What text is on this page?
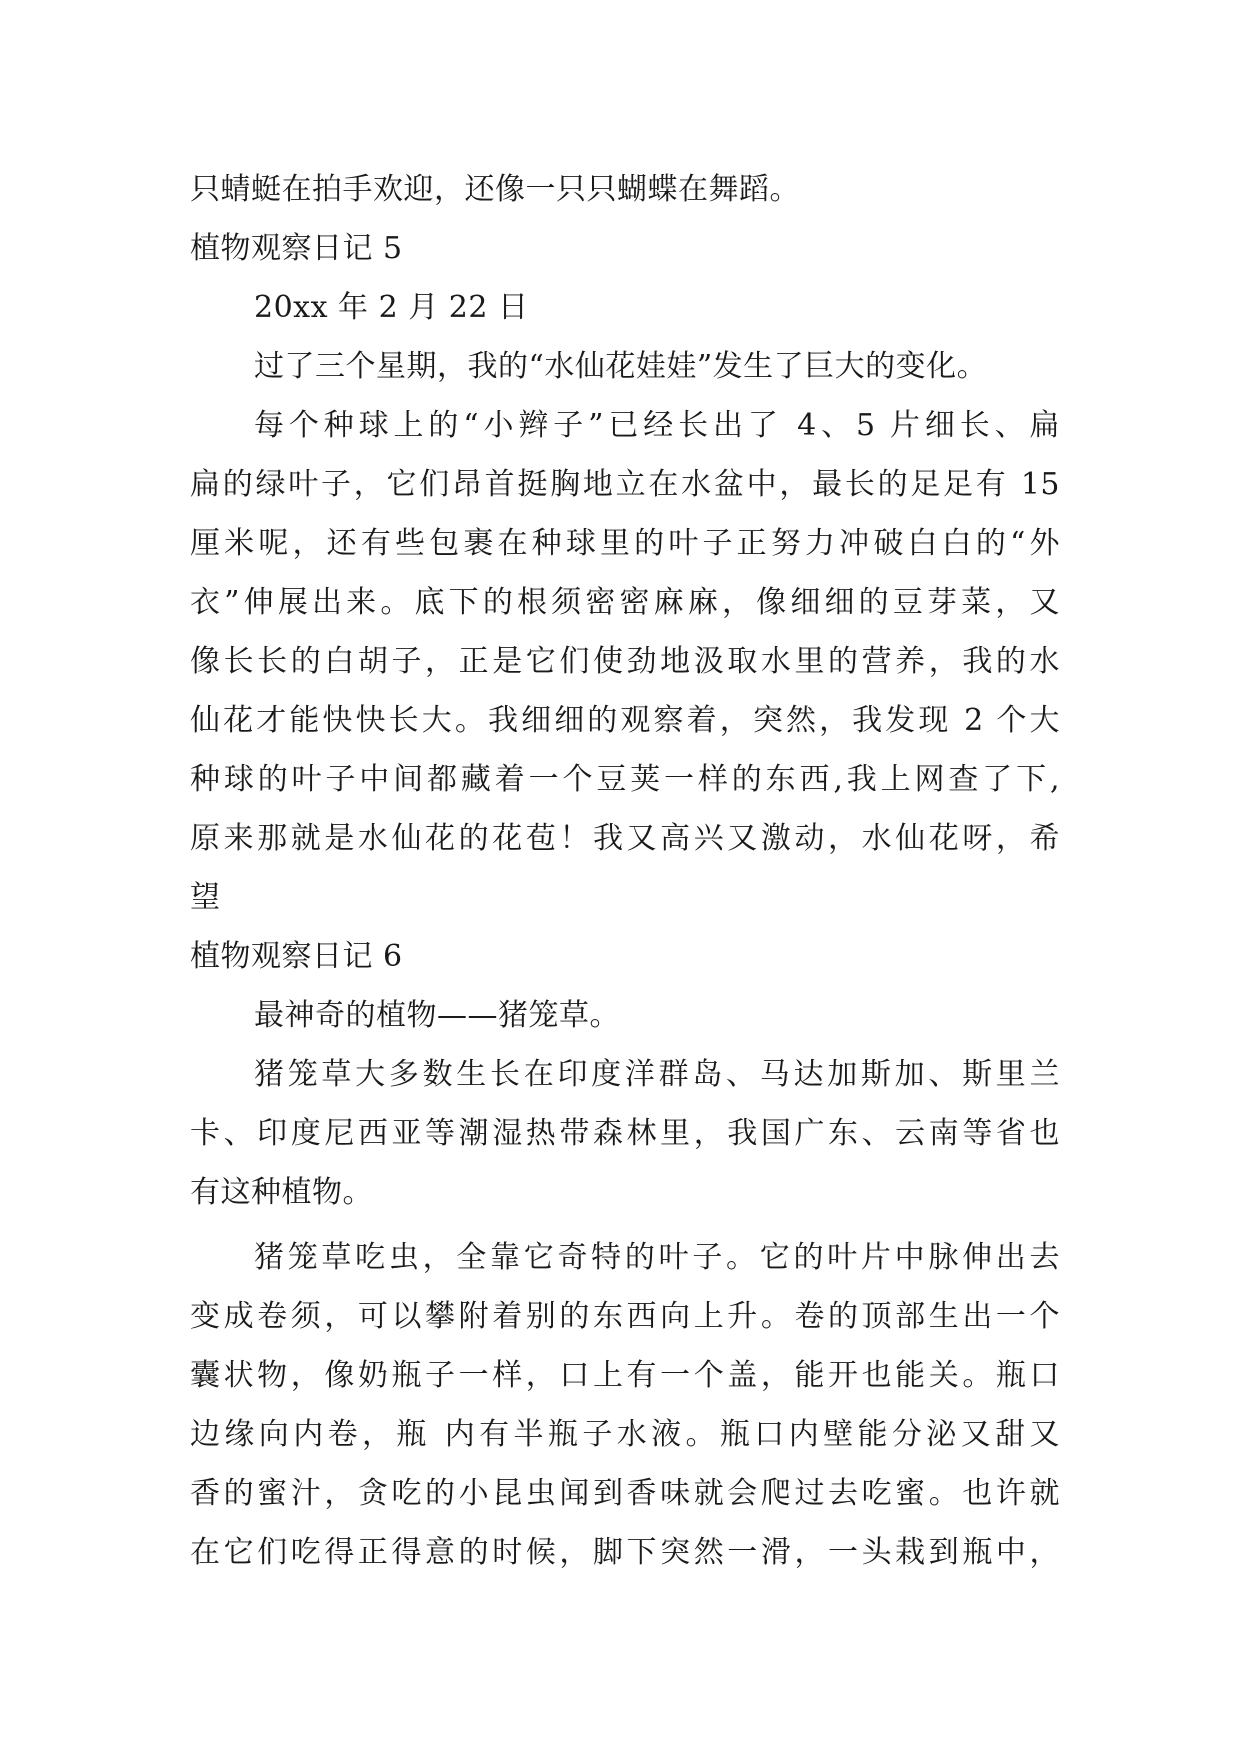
只蜻蜓在拍手欢迎，还像一只只蝴蝶在舞蹈。
植物观察日记 5
20xx 年 2 月 22 日
过了三个星期，我的“水仙花娃娃”发生了巨大的变化。
每个种球上的“小辫子”已经长出了 4、5 片细长、扁
扁的绿叶子，它们昂首挺胸地立在水盆中，最长的足足有 15
厘米呢，还有些包裹在种球里的叶子正努力冲破白白的“外
衣”伸展出来。底下的根须密密麻麻，像细细的豆芽菜，又
像长长的白胡子，正是它们使劲地汲取水里的营养，我的水
仙花才能快快长大。我细细的观察着，突然，我发现 2 个大
种球的叶子中间都藏着一个豆荚一样的东西,我上网查了下,
原来那就是水仙花的花苞！我又高兴又激动，水仙花呀，希
望
植物观察日记 6
最神奇的植物——猪笼草。
猪笼草大多数生长在印度洋群岛、马达加斯加、斯里兰
卡、印度尼西亚等潮湿热带森林里，我国广东、云南等省也
有这种植物。
猪笼草吃虫，全靠它奇特的叶子。它的叶片中脉伸出去
变成卷须，可以攀附着别的东西向上升。卷的顶部生出一个
囊状物，像奶瓶子一样，口上有一个盖，能开也能关。瓶口
边缘向内卷，瓶 内有半瓶子水液。瓶口内壁能分泌又甜又
香的蜜汁，贪吃的小昆虫闻到香味就会爬过去吃蜜。也许就
在它们吃得正得意的时候，脚下突然一滑，一头栽到瓶中，
